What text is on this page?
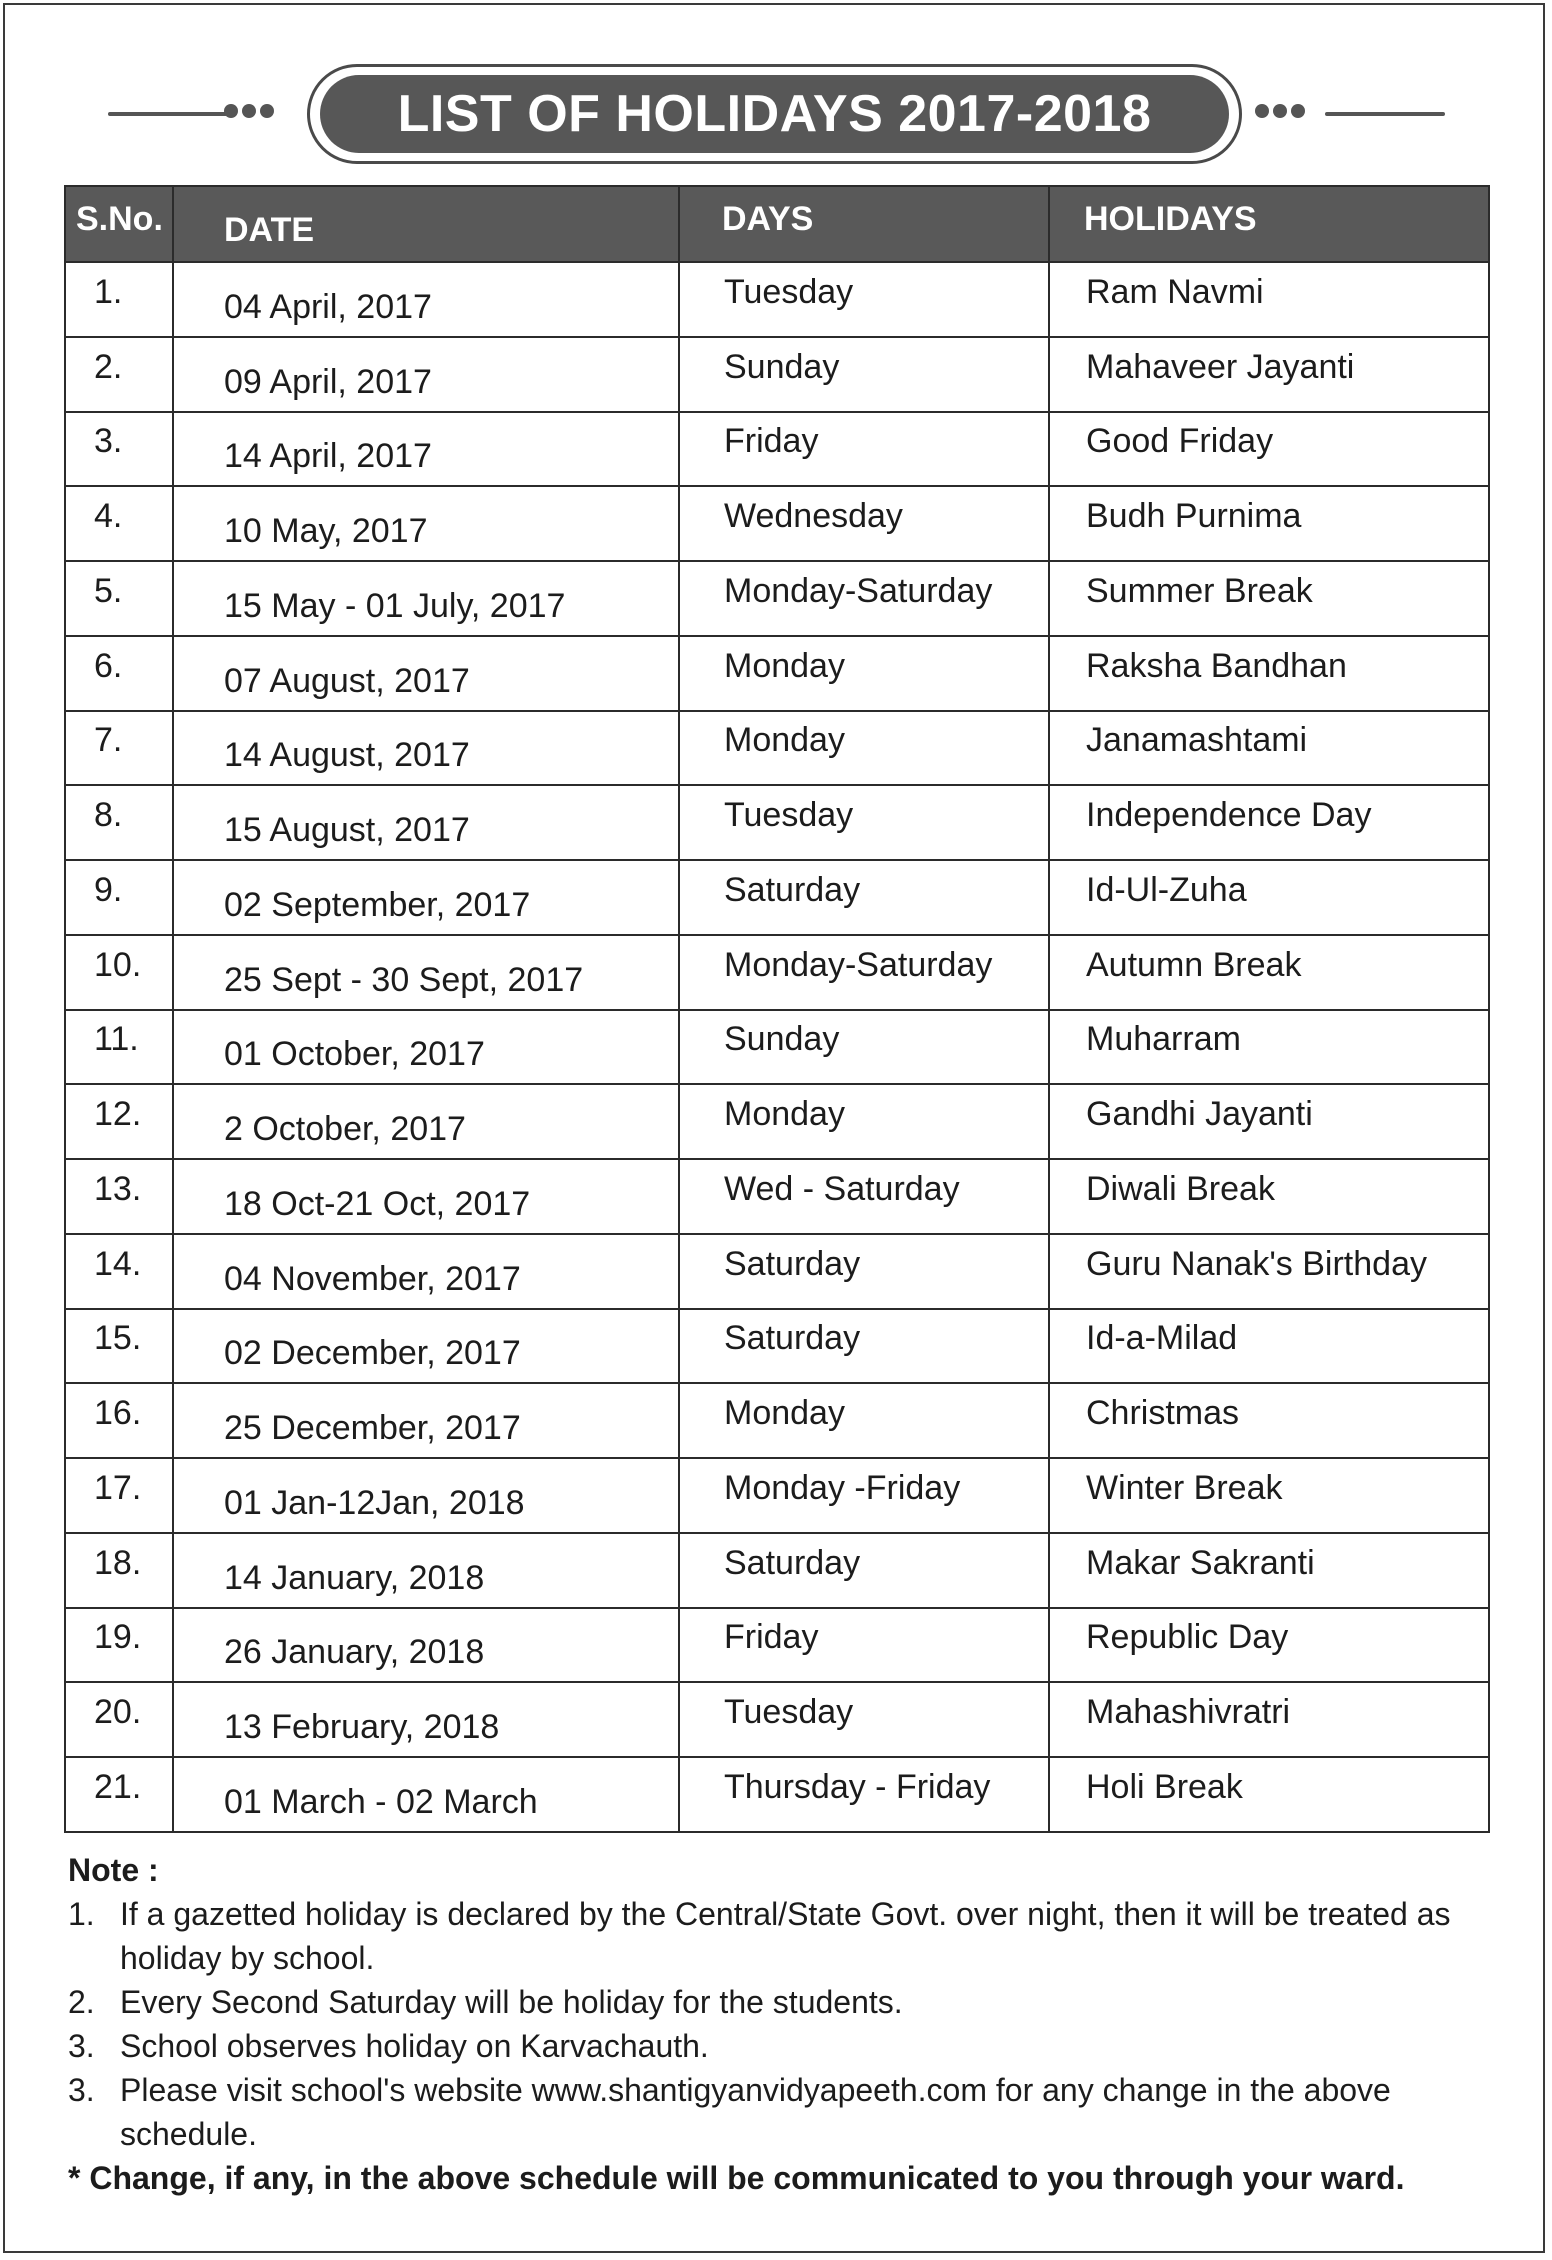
LIST OF HOLIDAYS 2017-2018
S.No.	DATE	DAYS	HOLIDAYS

1.	04 April, 2017	Tuesday	Ram Navmi

2.	09 April, 2017	Sunday	Mahaveer Jayanti

3.	14 April, 2017	Friday	Good Friday

4.	10 May, 2017	Wednesday	Budh Purnima

5.	15 May - 01 July, 2017	Monday-Saturday	Summer Break

6.	07 August, 2017	Monday	Raksha Bandhan

7.	14 August, 2017	Monday	Janamashtami

8.	15 August, 2017	Tuesday	Independence Day

9.	02 September, 2017	Saturday	Id-Ul-Zuha

10.	25 Sept - 30 Sept, 2017	Monday-Saturday	Autumn Break

11.	01 October, 2017	Sunday	Muharram

12.	2 October, 2017	Monday	Gandhi Jayanti

13.	18 Oct-21 Oct, 2017	Wed - Saturday	Diwali Break

14.	04 November, 2017	Saturday	Guru Nanak's Birthday

15.	02 December, 2017	Saturday	Id-a-Milad

16.	25 December, 2017	Monday	Christmas

17.	01 Jan-12Jan, 2018	Monday -Friday	Winter Break

18.	14 January, 2018	Saturday	Makar Sakranti

19.	26 January, 2018	Friday	Republic Day

20.	13 February, 2018	Tuesday	Mahashivratri

21.	01 March - 02 March	Thursday - Friday	Holi Break
Note :
1. If a gazetted holiday is declared by the Central/State Govt. over night, then it will be treated as holiday by school.
2. Every Second Saturday will be holiday for the students.
3. School observes holiday on Karvachauth.
3. Please visit school's website www.shantigyanvidyapeeth.com for any change in the above schedule.
* Change, if any, in the above schedule will be communicated to you through your ward.
